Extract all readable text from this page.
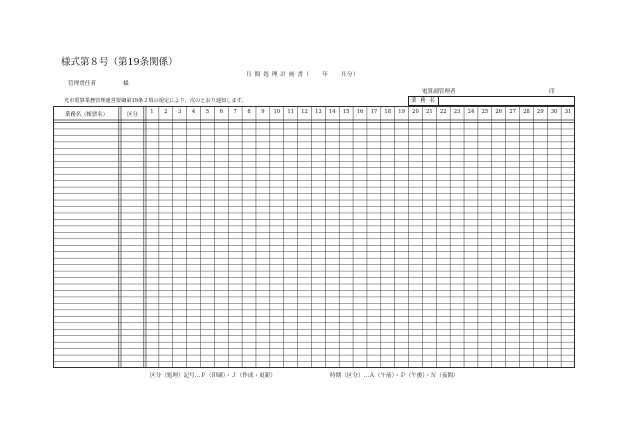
様式第８号（第19条関係）
月 間 処 理 計 画 書（　　年　　月分）
管理責任者	様
電算副管理者	印
光市電算業務管理運営要綱第19条２項の規定により，次のとおり通知します。	業 務 名
業務名（帳票名）	区分 1 2 3 4 5 6 7 8 9 10 11 12 13 14 15 16 17 18 19 20 21 22 23 24 25 26 27 28 29 30 31
区分（処理）記号…Ｐ（印刷）・Ｊ（作成・更新）	時期（区分）…Ａ（午前）・Ｐ（午後）・Ｎ（夜間）
